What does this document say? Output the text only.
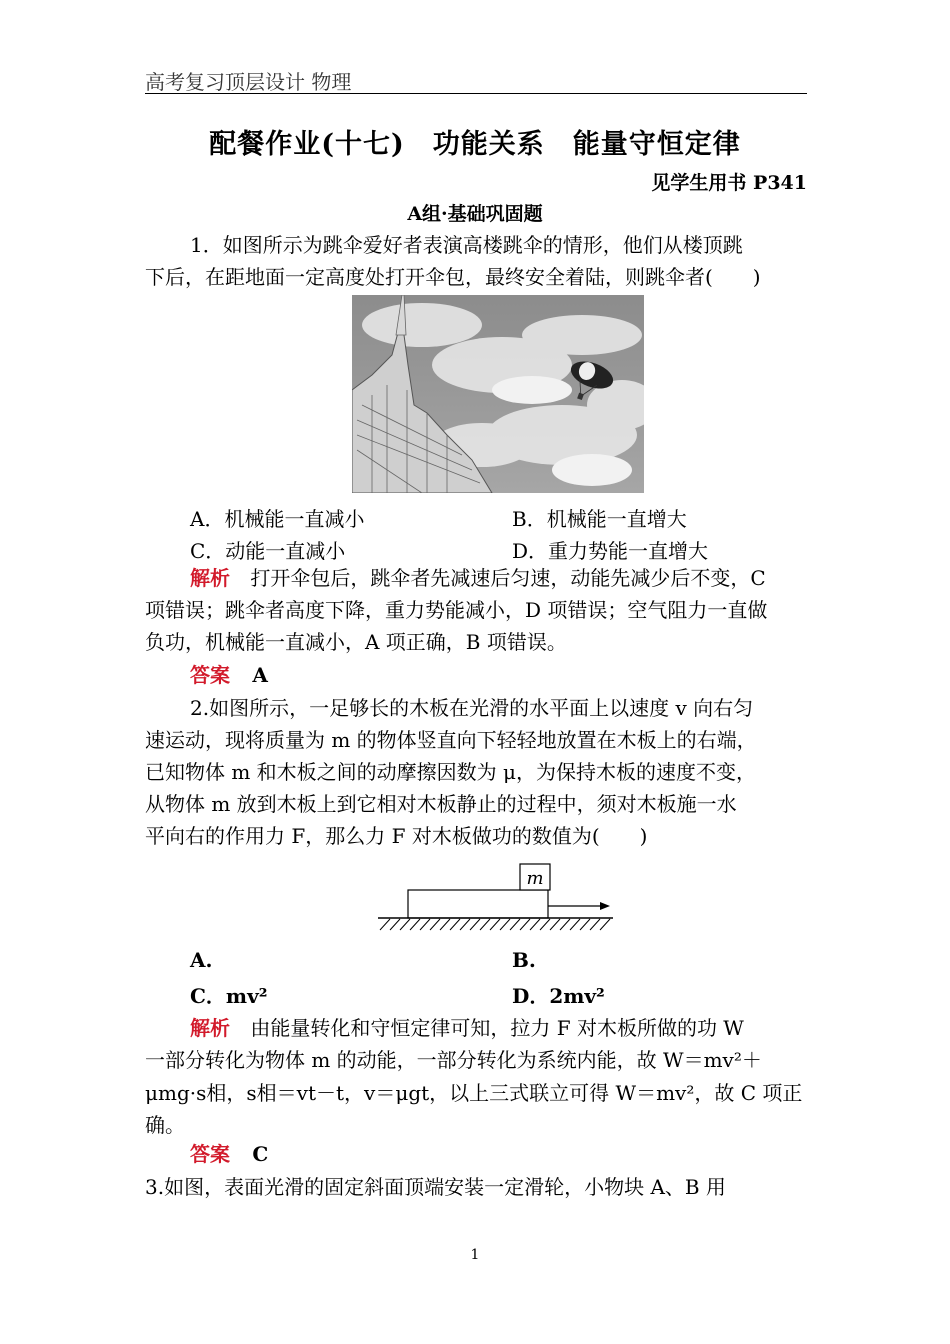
高考复习顶层设计 物理
配餐作业(十七)　功能关系　能量守恒定律
见学生用书 P341
A组·基础巩固题
1．如图所示为跳伞爱好者表演高楼跳伞的情形，他们从楼顶跳
下后，在距地面一定高度处打开伞包，最终安全着陆，则跳伞者(　　)
A．机械能一直减小	B．机械能一直增大
C．动能一直减小	D．重力势能一直增大
解析 打开伞包后，跳伞者先减速后匀速，动能先减少后不变，C
项错误；跳伞者高度下降，重力势能减小，D 项错误；空气阻力一直做
负功，机械能一直减小，A 项正确，B 项错误。
答案 A
2.如图所示，一足够长的木板在光滑的水平面上以速度 v 向右匀
速运动，现将质量为 m 的物体竖直向下轻轻地放置在木板上的右端，
已知物体 m 和木板之间的动摩擦因数为 μ，为保持木板的速度不变，
从物体 m 放到木板上到它相对木板静止的过程中，须对木板施一水
平向右的作用力 F，那么力 F 对木板做功的数值为(　　)
m
A.	B.
C．mv²	D．2mv²
解析 由能量转化和守恒定律可知，拉力 F 对木板所做的功 W
一部分转化为物体 m 的动能，一部分转化为系统内能，故 W＝mv²＋
μmg·s相，s相＝vt－t，v＝μgt，以上三式联立可得 W＝mv²，故 C 项正
确。
答案 C
3.如图，表面光滑的固定斜面顶端安装一定滑轮，小物块 A、B 用
1
